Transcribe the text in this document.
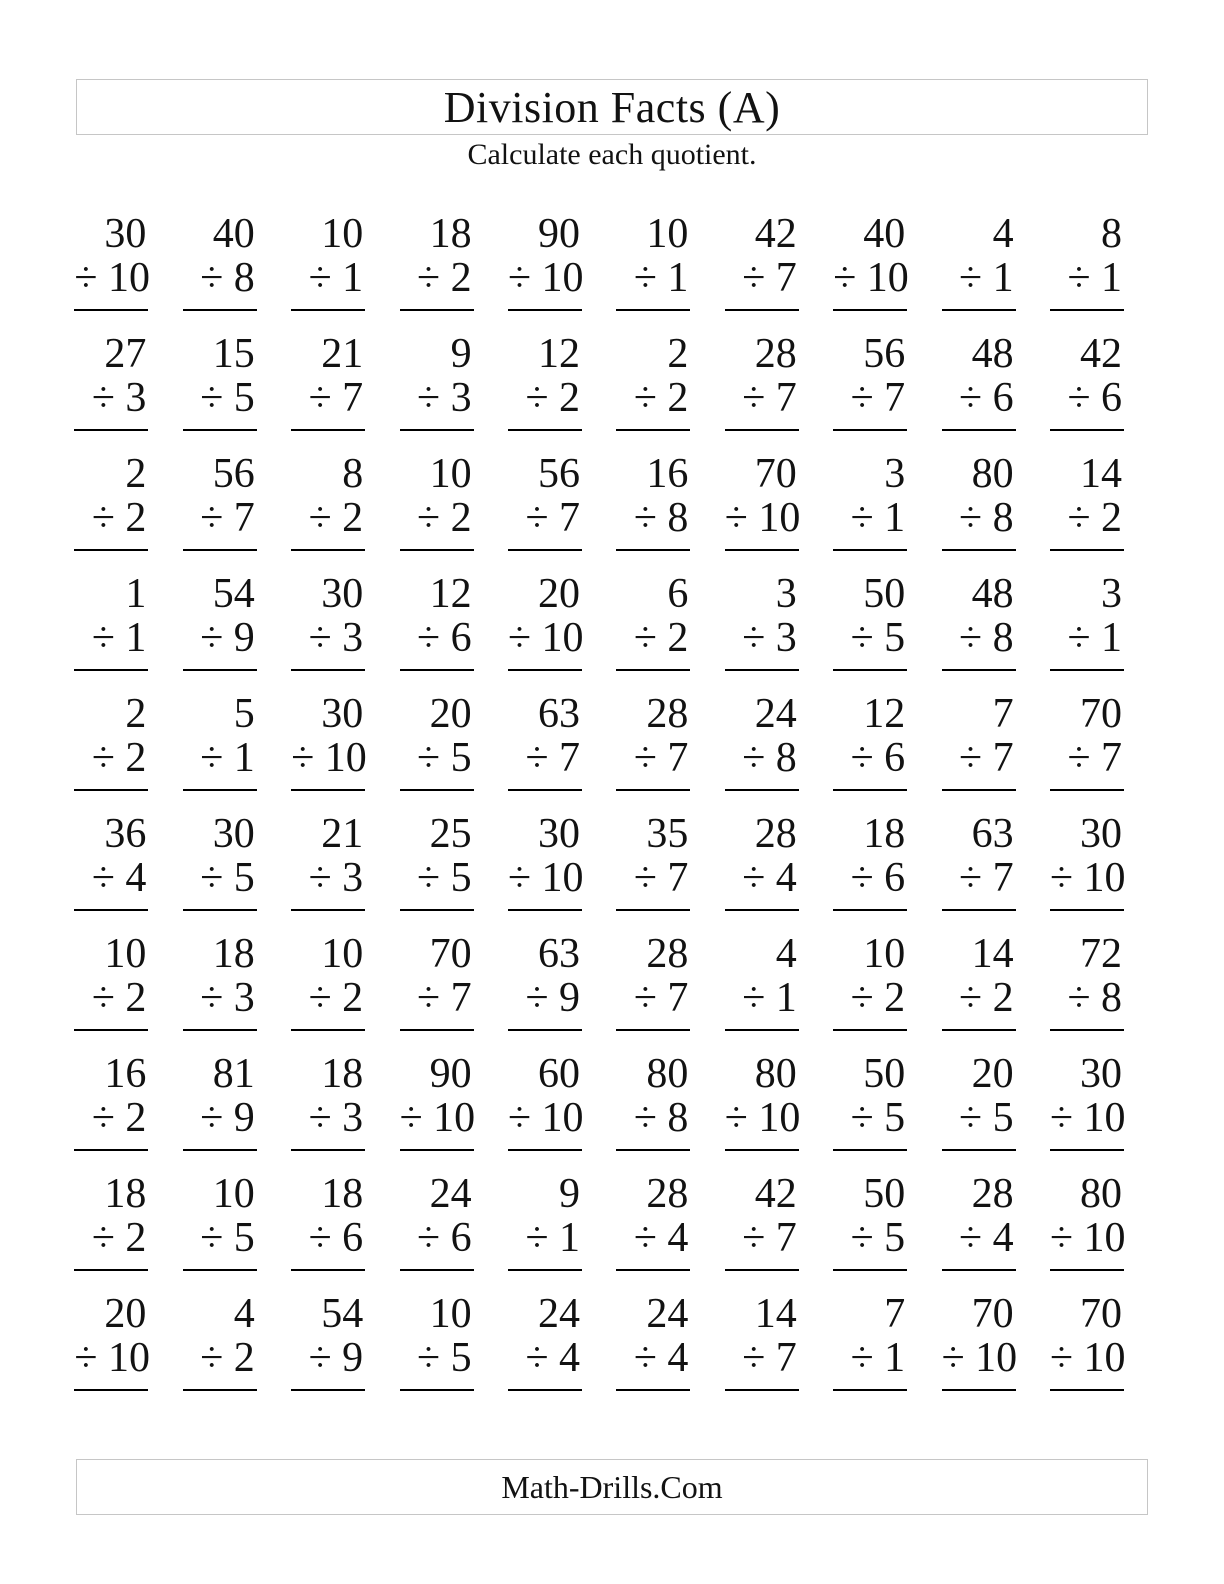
Division Facts (A)

Calculate each quotient.

30
÷ 10
40
÷ 8
10
÷ 1
18
÷ 2
90
÷ 10
10
÷ 1
42
÷ 7
40
÷ 10
4
÷ 1
8
÷ 1
27
÷ 3
15
÷ 5
21
÷ 7
9
÷ 3
12
÷ 2
2
÷ 2
28
÷ 7
56
÷ 7
48
÷ 6
42
÷ 6
2
÷ 2
56
÷ 7
8
÷ 2
10
÷ 2
56
÷ 7
16
÷ 8
70
÷ 10
3
÷ 1
80
÷ 8
14
÷ 2
1
÷ 1
54
÷ 9
30
÷ 3
12
÷ 6
20
÷ 10
6
÷ 2
3
÷ 3
50
÷ 5
48
÷ 8
3
÷ 1
2
÷ 2
5
÷ 1
30
÷ 10
20
÷ 5
63
÷ 7
28
÷ 7
24
÷ 8
12
÷ 6
7
÷ 7
70
÷ 7
36
÷ 4
30
÷ 5
21
÷ 3
25
÷ 5
30
÷ 10
35
÷ 7
28
÷ 4
18
÷ 6
63
÷ 7
30
÷ 10
10
÷ 2
18
÷ 3
10
÷ 2
70
÷ 7
63
÷ 9
28
÷ 7
4
÷ 1
10
÷ 2
14
÷ 2
72
÷ 8
16
÷ 2
81
÷ 9
18
÷ 3
90
÷ 10
60
÷ 10
80
÷ 8
80
÷ 10
50
÷ 5
20
÷ 5
30
÷ 10
18
÷ 2
10
÷ 5
18
÷ 6
24
÷ 6
9
÷ 1
28
÷ 4
42
÷ 7
50
÷ 5
28
÷ 4
80
÷ 10
20
÷ 10
4
÷ 2
54
÷ 9
10
÷ 5
24
÷ 4
24
÷ 4
14
÷ 7
7
÷ 1
70
÷ 10
70
÷ 10
Math-Drills.Com
